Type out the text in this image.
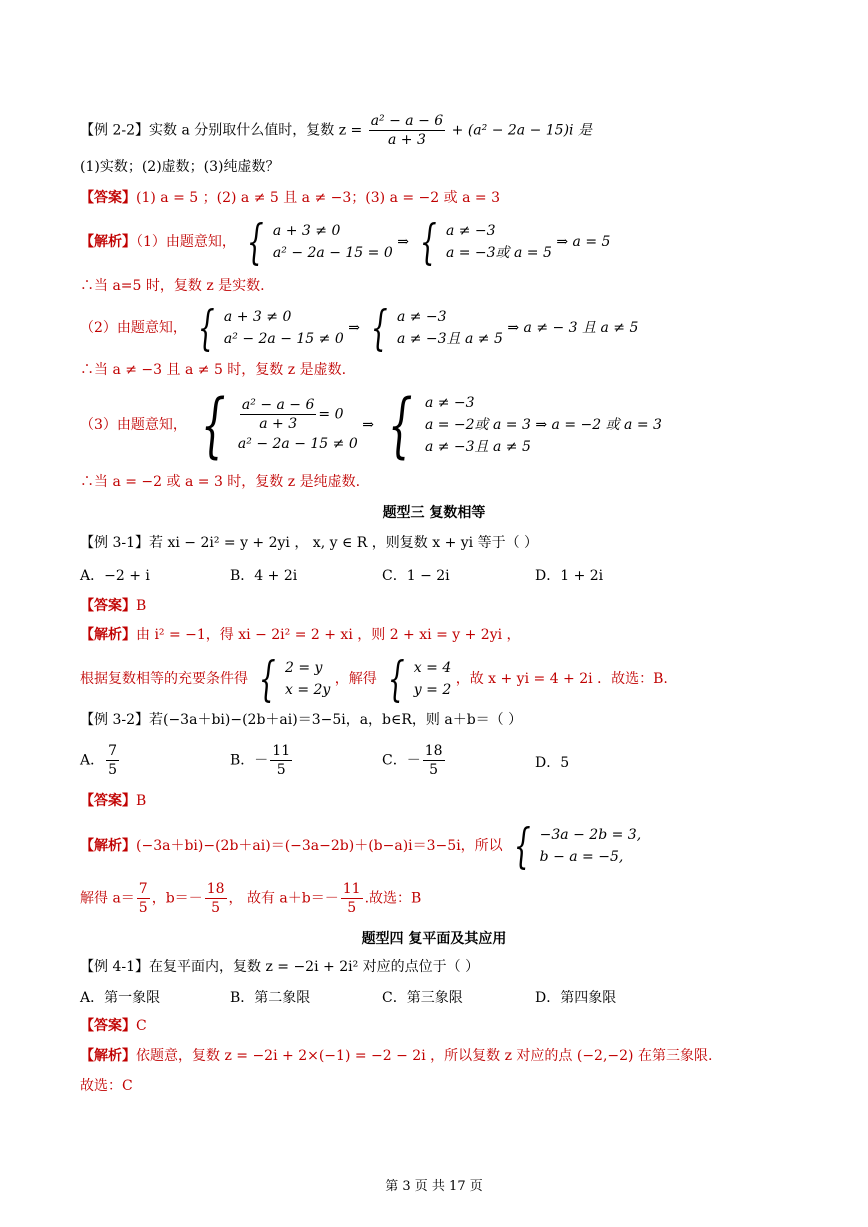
【例 2-2】实数 a 分别取什么值时，复数 $z = \frac{\text{a² − a − 6}}{a + 3} + (a^2 - 2a - 15)i$ 是
(1)实数；(2)虚数；(3)纯虚数？
【答案】(1) a = 5 ；(2) a ≠ 5 且 a ≠ −3；(3) a = −2 或 a = 3
【解析】（1）由题意知， { a + 3 ≠ 0
a² − 2a − 15 = 0
⇒ { a ≠ −3
a = −3或 a = 5
⇒ a = 5
∴当 a=5 时，复数 z 是实数.
（2）由题意知， { a + 3 ≠ 0
a² − 2a − 15 ≠ 0
⇒ { a ≠ −3
a ≠ −3且 a ≠ 5
⇒ a ≠ − 3 且 a ≠ 5
∴当 a ≠ −3 且 a ≠ 5 时，复数 z 是虚数.
（3）由题意知， { $\frac{\text{a² − a − 6}}{a + 3} = 0$
a² − 2a − 15 ≠ 0
⇒ { a ≠ −3
a = −2或 a = 3 ⇒ a = −2 或 a = 3
a ≠ −3且 a ≠ 5
∴当 a = −2 或 a = 3 时，复数 z 是纯虚数.
题型三 复数相等
【例 3-1】若 xi − 2i² = y + 2yi ， x, y ∈ R ，则复数 x + yi 等于（ ）
A．−2 + i	B．4 + 2i	C．1 − 2i	D．1 + 2i
【答案】B
【解析】由 i² = −1，得 xi − 2i² = 2 + xi ，则 2 + xi = y + 2yi ，
根据复数相等的充要条件得 { 2 = y
x = 2y
，解得 { x = 4
y = 2
，故 x + yi = 4 + 2i ．故选：B.
【例 3-2】若(−3a＋bi)−(2b＋ai)＝3−5i，a，b∈R，则 a＋b＝（ ）
A． $\frac{7}{5}$	B．－ $\frac{11}{5}$	C．－ $\frac{18}{5}$	D．5
【答案】B
【解析】(−3a＋bi)−(2b＋ai)＝(−3a−2b)＋(b−a)i＝3−5i，所以 { −3a − 2b = 3,
b − a = −5,
解得 $a= \frac{7}{5}$ ，$b=- \frac{18}{5}$ ， 故有 $a+b=- \frac{11}{5}$ .故选：B
题型四 复平面及其应用
【例 4-1】在复平面内，复数 z = −2i + 2i² 对应的点位于（ ）
A．第一象限	B．第二象限	C．第三象限	D．第四象限
【答案】C
【解析】依题意，复数 z = −2i + 2×(−1) = −2 − 2i ，所以复数 z 对应的点 (−2,−2) 在第三象限.
故选：C
第 3 页 共 17 页
